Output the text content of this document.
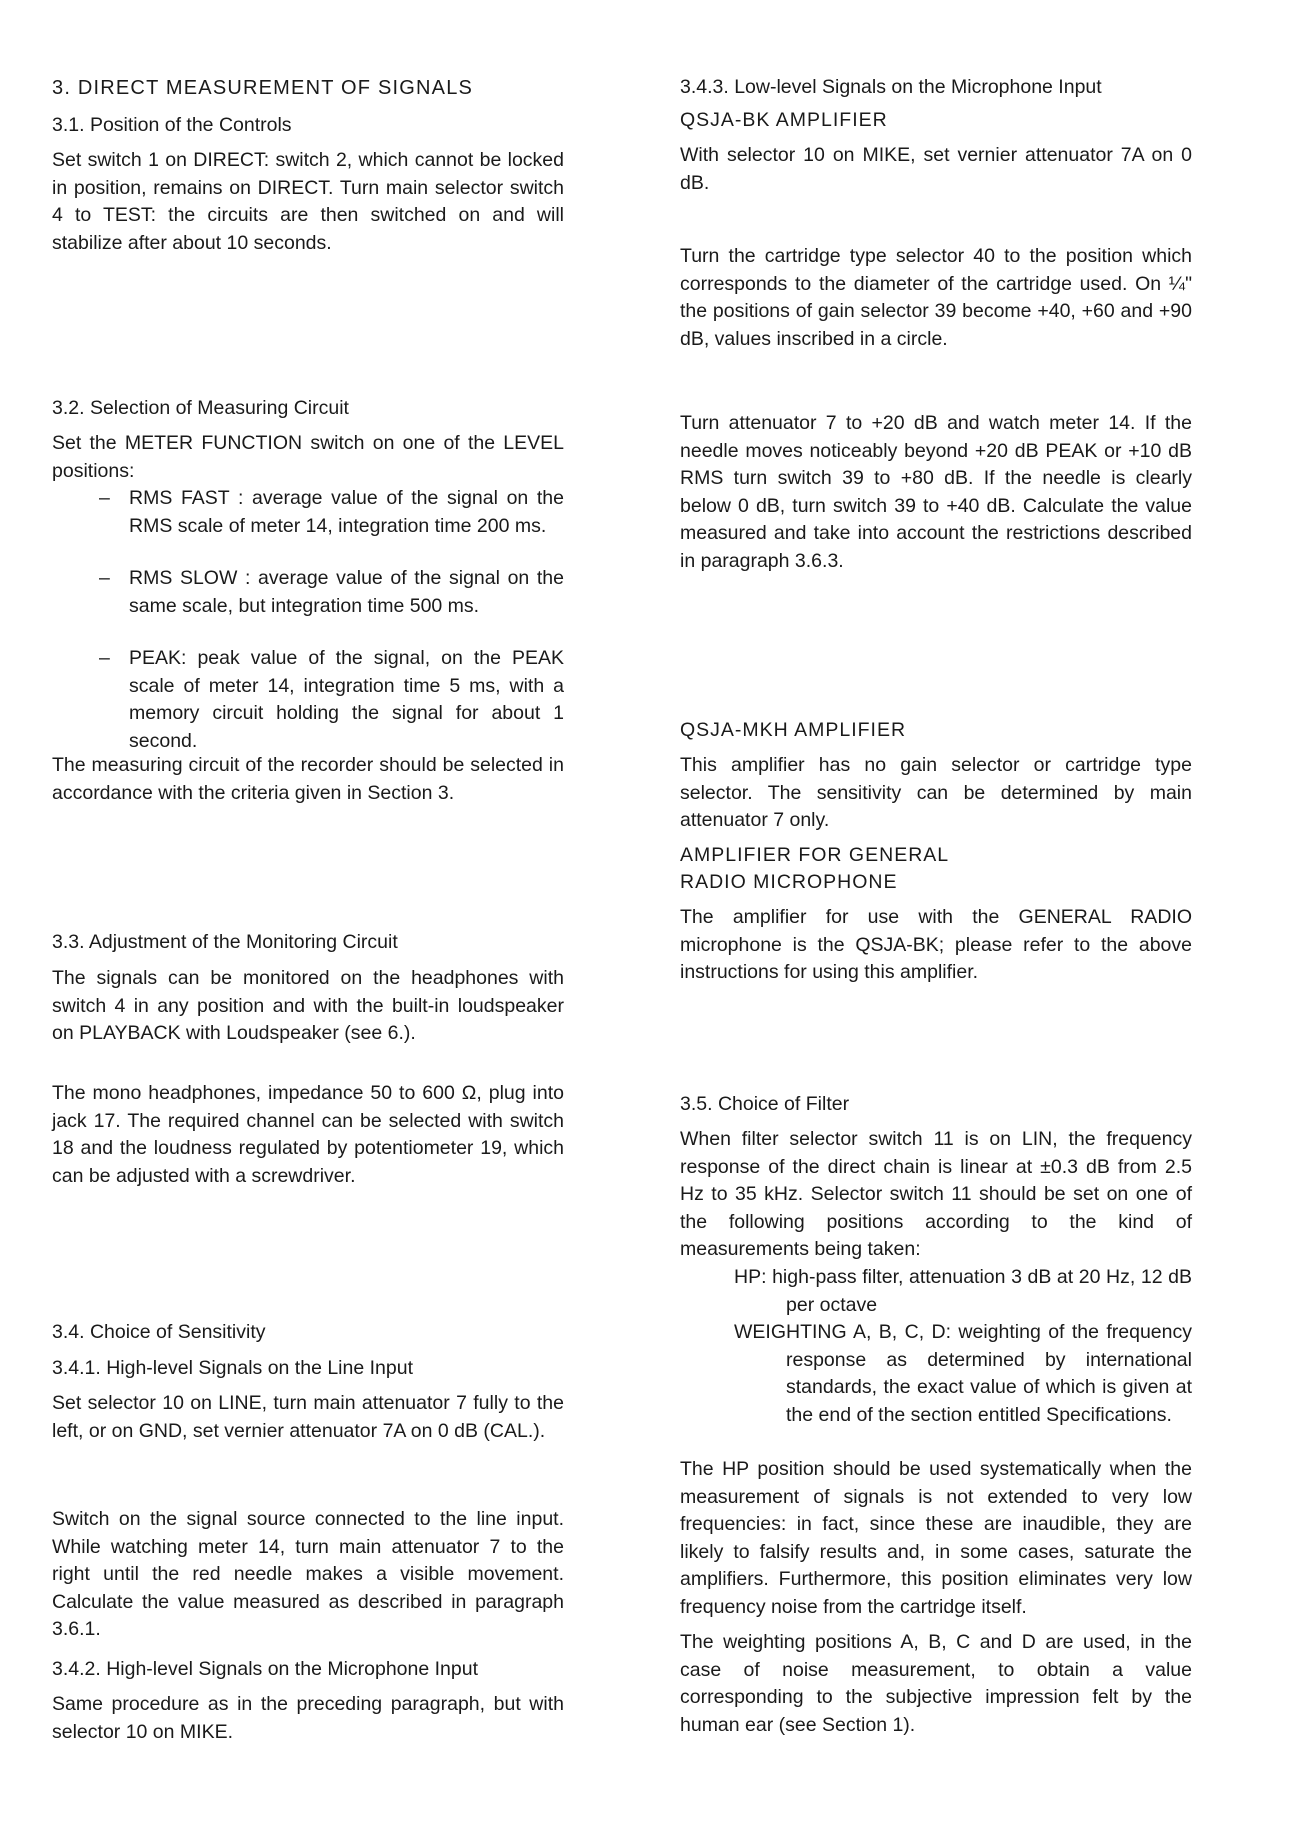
3. DIRECT MEASUREMENT OF SIGNALS
3.1. Position of the Controls

Set switch 1 on DIRECT: switch 2, which cannot be locked in position, remains on DIRECT. Turn main selector switch 4 to TEST: the circuits are then switched on and will stabilize after about 10 seconds.

3.2. Selection of Measuring Circuit

Set the METER FUNCTION switch on one of the LEVEL positions:

– RMS FAST : average value of the signal on the RMS scale of meter 14, integration time 200 ms.

– RMS SLOW : average value of the signal on the same scale, but integration time 500 ms.

– PEAK: peak value of the signal, on the PEAK scale of meter 14, integration time 5 ms, with a memory circuit holding the signal for about 1 second.

The measuring circuit of the recorder should be selected in accordance with the criteria given in Section 3.

3.3. Adjustment of the Monitoring Circuit

The signals can be monitored on the headphones with switch 4 in any position and with the built-in loudspeaker on PLAYBACK with Loudspeaker (see 6.).

The mono headphones, impedance 50 to 600 Ω, plug into jack 17. The required channel can be selected with switch 18 and the loudness regulated by potentiometer 19, which can be adjusted with a screwdriver.

3.4. Choice of Sensitivity
3.4.1. High-level Signals on the Line Input

Set selector 10 on LINE, turn main attenuator 7 fully to the left, or on GND, set vernier attenuator 7A on 0 dB (CAL.).

Switch on the signal source connected to the line input. While watching meter 14, turn main attenuator 7 to the right until the red needle makes a visible movement. Calculate the value measured as described in paragraph 3.6.1.

3.4.2. High-level Signals on the Microphone Input

Same procedure as in the preceding paragraph, but with selector 10 on MIKE.

3.4.3. Low-level Signals on the Microphone Input
QSJA-BK AMPLIFIER

With selector 10 on MIKE, set vernier attenuator 7A on 0 dB.

Turn the cartridge type selector 40 to the position which corresponds to the diameter of the cartridge used. On ¼" the positions of gain selector 39 become +40, +60 and +90 dB, values inscribed in a circle.

Turn attenuator 7 to +20 dB and watch meter 14. If the needle moves noticeably beyond +20 dB PEAK or +10 dB RMS turn switch 39 to +80 dB. If the needle is clearly below 0 dB, turn switch 39 to +40 dB. Calculate the value measured and take into account the restrictions described in paragraph 3.6.3.

QSJA-MKH AMPLIFIER

This amplifier has no gain selector or cartridge type selector. The sensitivity can be determined by main attenuator 7 only.

AMPLIFIER FOR GENERAL
RADIO MICROPHONE

The amplifier for use with the GENERAL RADIO microphone is the QSJA-BK; please refer to the above instructions for using this amplifier.

3.5. Choice of Filter

When filter selector switch 11 is on LIN, the frequency response of the direct chain is linear at ±0.3 dB from 2.5 Hz to 35 kHz. Selector switch 11 should be set on one of the following positions according to the kind of measurements being taken:

HP: high-pass filter, attenuation 3 dB at 20 Hz, 12 dB per octave

WEIGHTING A, B, C, D: weighting of the frequency response as determined by international standards, the exact value of which is given at the end of the section entitled Specifications.

The HP position should be used systematically when the measurement of signals is not extended to very low frequencies: in fact, since these are inaudible, they are likely to falsify results and, in some cases, saturate the amplifiers. Furthermore, this position eliminates very low frequency noise from the cartridge itself.

The weighting positions A, B, C and D are used, in the case of noise measurement, to obtain a value corresponding to the subjective impression felt by the human ear (see Section 1).
